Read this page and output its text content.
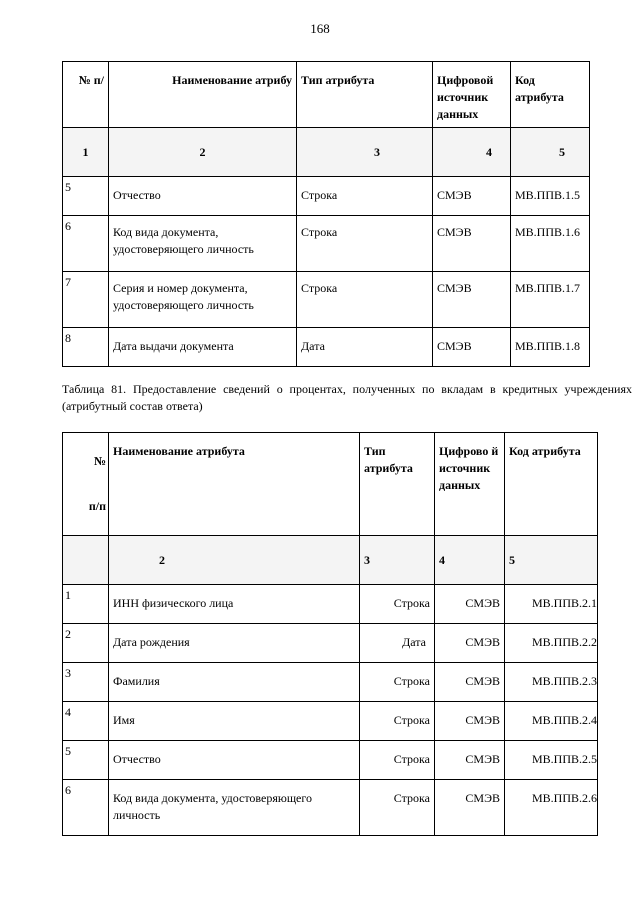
168
№ п/	Наименование атрибу	Тип атрибута	Цифровой источник данных	Код атрибута
1	2	3	4	5

5	Отчество	Строка	СМЭВ	МВ.ППВ.1.5

6	Код вида документа, удостоверяющего личность	Строка	СМЭВ	МВ.ППВ.1.6

7	Серия и номер документа, удостоверяющего личность	Строка	СМЭВ	МВ.ППВ.1.7

8	Дата выдачи документа	Дата	СМЭВ	МВ.ППВ.1.8
Таблица 81. Предоставление сведений о процентах, полученных по вкладам в кредитных учреждениях (атрибутный состав ответа)
№
п/п	Наименование атрибута	Тип атрибута	Цифрово й источник данных	Код атрибута
	2	3	4	5

1	ИНН физического лица	Строка	СМЭВ	МВ.ППВ.2.1

2	Дата рождения	Дата	СМЭВ	МВ.ППВ.2.2

3	Фамилия	Строка	СМЭВ	МВ.ППВ.2.3

4	Имя	Строка	СМЭВ	МВ.ППВ.2.4

5	Отчество	Строка	СМЭВ	МВ.ППВ.2.5

6	Код вида документа, удостоверяющего личность	Строка	СМЭВ	МВ.ППВ.2.6
